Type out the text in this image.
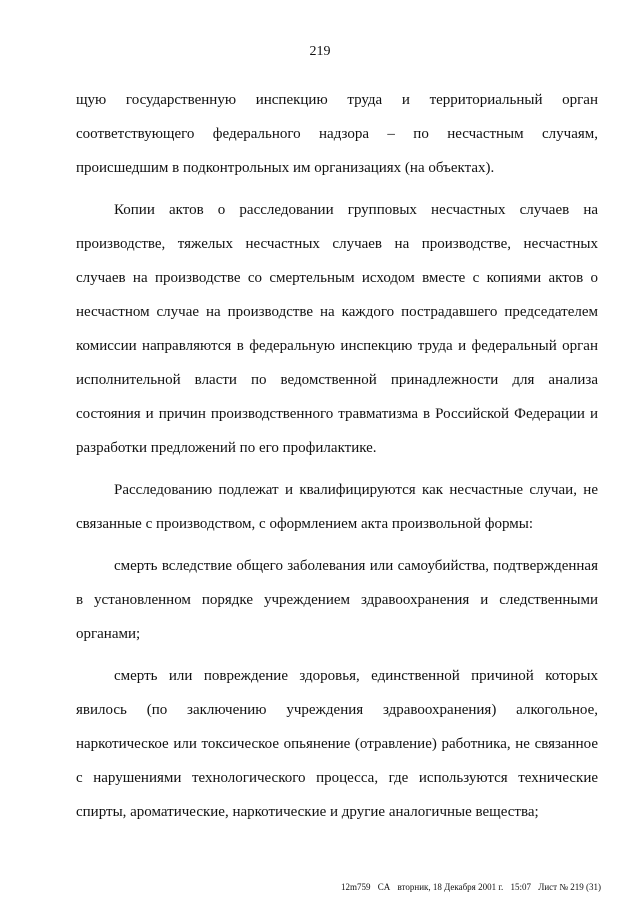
219

щую государственную инспекцию труда и территориальный орган соответствующего федерального надзора – по несчастным случаям, происшедшим в подконтрольных им организациях (на объектах).

Копии актов о расследовании групповых несчастных случаев на производстве, тяжелых несчастных случаев на производстве, несчастных случаев на производстве со смертельным исходом вместе с копиями актов о несчастном случае на производстве на каждого пострадавшего председателем комиссии направляются в федеральную инспекцию труда и федеральный орган исполнительной власти по ведомственной принадлежности для анализа состояния и причин производственного травматизма в Российской Федерации и разработки предложений по его профилактике.

Расследованию подлежат и квалифицируются как несчастные случаи, не связанные с производством, с оформлением акта произвольной формы:

смерть вследствие общего заболевания или самоубийства, подтвержденная в установленном порядке учреждением здравоохранения и следственными органами;

смерть или повреждение здоровья, единственной причиной которых явилось (по заключению учреждения здравоохранения) алкогольное, наркотическое или токсическое опьянение (отравление) работника, не связанное с нарушениями технологического процесса, где используются технические спирты, ароматические, наркотические и другие аналогичные вещества;

12m759 CA вторник, 18 Декабря 2001 г. 15:07 Лист № 219 (31)
